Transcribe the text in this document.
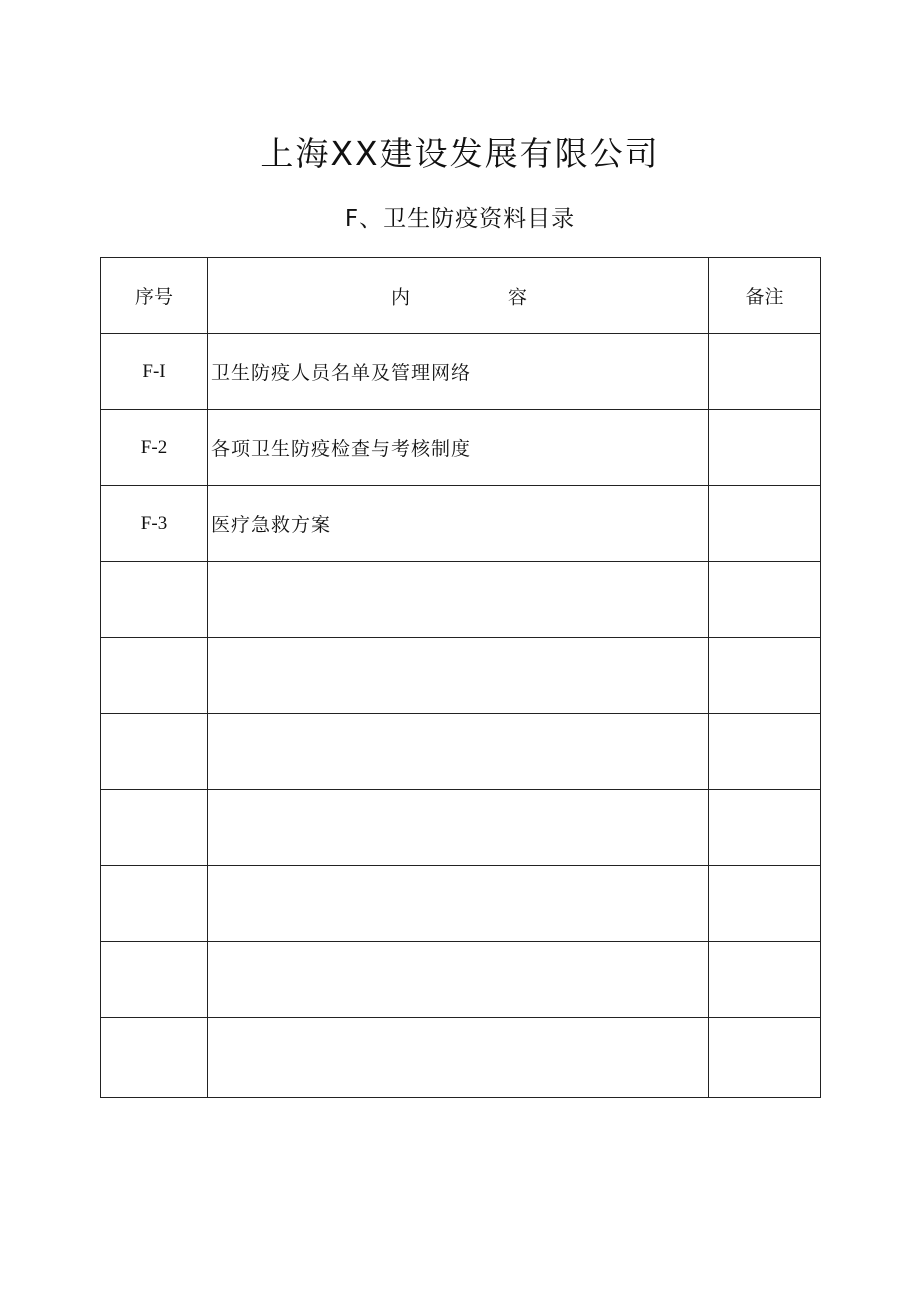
上海XX建设发展有限公司
F、卫生防疫资料目录
序号	内 容	备注
F-I	卫生防疫人员名单及管理网络	
F-2	各项卫生防疫检查与考核制度	
F-3	医疗急救方案	
